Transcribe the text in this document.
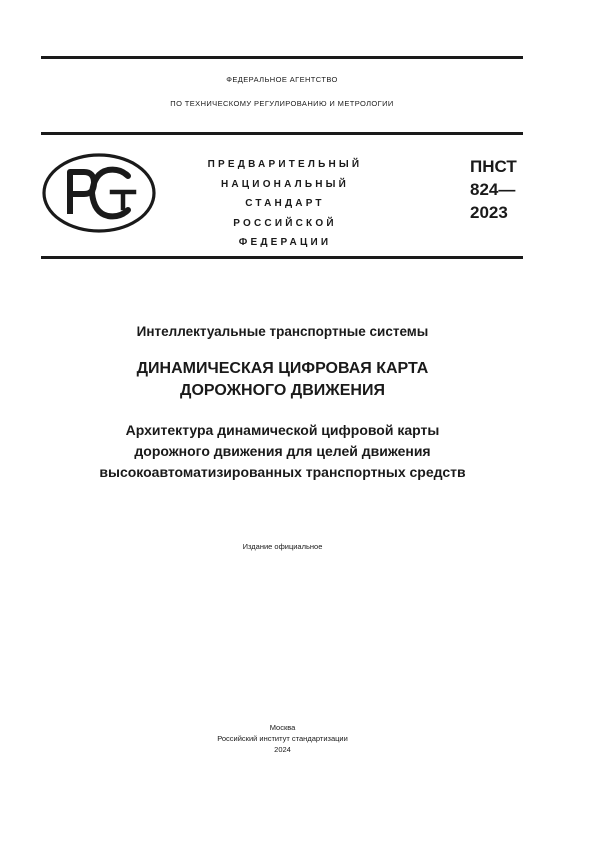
ФЕДЕРАЛЬНОЕ АГЕНТСТВО
ПО ТЕХНИЧЕСКОМУ РЕГУЛИРОВАНИЮ И МЕТРОЛОГИИ
ПРЕДВАРИТЕЛЬНЫЙ
НАЦИОНАЛЬНЫЙ
СТАНДАРТ
РОССИЙСКОЙ
ФЕДЕРАЦИИ
ПНСТ
824—
2023
Интеллектуальные транспортные системы
ДИНАМИЧЕСКАЯ ЦИФРОВАЯ КАРТА
ДОРОЖНОГО ДВИЖЕНИЯ
Архитектура динамической цифровой карты
дорожного движения для целей движения
высокоавтоматизированных транспортных средств
Издание официальное
Москва
Российский институт стандартизации
2024
